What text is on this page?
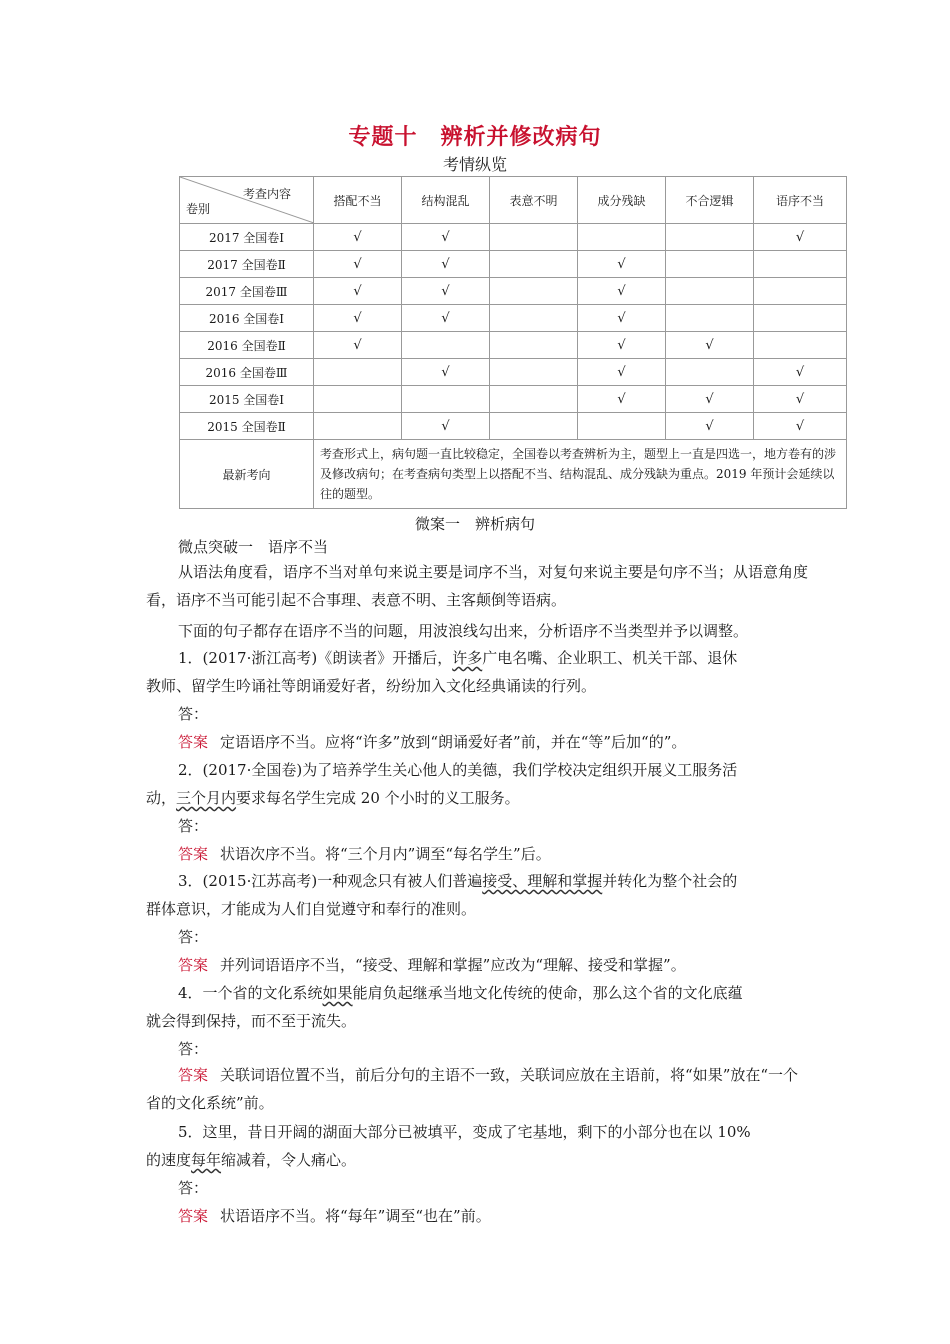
专题十　辨析并修改病句
考情纵览
考查内容
卷别	搭配不当	结构混乱	表意不明	成分残缺	不合逻辑	语序不当
2017 全国卷Ⅰ	√	√				√
2017 全国卷Ⅱ	√	√		√		
2017 全国卷Ⅲ	√	√		√		
2016 全国卷Ⅰ	√	√		√		
2016 全国卷Ⅱ	√			√	√	
2016 全国卷Ⅲ		√		√		√
2015 全国卷Ⅰ				√	√	√
2015 全国卷Ⅱ		√			√	√
最新考向	考查形式上，病句题一直比较稳定，全国卷以考查辨析为主，题型上一直是四选一，地方卷有的涉及修改病句；在考查病句类型上以搭配不当、结构混乱、成分残缺为重点。2019 年预计会延续以往的题型。					
微案一　辨析病句
微点突破一　语序不当
从语法角度看，语序不当对单句来说主要是词序不当，对复句来说主要是句序不当；从语意角度看，语序不当可能引起不合事理、表意不明、主客颠倒等语病。
下面的句子都存在语序不当的问题，用波浪线勾出来，分析语序不当类型并予以调整。
1．(2017·浙江高考)《朗读者》开播后，许多广电名嘴、企业职工、机关干部、退休
教师、留学生吟诵社等朗诵爱好者，纷纷加入文化经典诵读的行列。
答：
答案 定语语序不当。应将“许多”放到“朗诵爱好者”前，并在“等”后加“的”。
2．(2017·全国卷)为了培养学生关心他人的美德，我们学校决定组织开展义工服务活
动，三个月内要求每名学生完成 20 个小时的义工服务。
答：
答案 状语次序不当。将“三个月内”调至“每名学生”后。
3．(2015·江苏高考)一种观念只有被人们普遍接受、理解和掌握并转化为整个社会的
群体意识，才能成为人们自觉遵守和奉行的准则。
答：
答案 并列词语语序不当，“接受、理解和掌握”应改为“理解、接受和掌握”。
4．一个省的文化系统如果能肩负起继承当地文化传统的使命，那么这个省的文化底蕴
就会得到保持，而不至于流失。
答：
答案 关联词语位置不当，前后分句的主语不一致，关联词应放在主语前，将“如果”放在“一个省的文化系统”前。
5．这里，昔日开阔的湖面大部分已被填平，变成了宅基地，剩下的小部分也在以 10%
的速度每年缩减着，令人痛心。
答：
答案 状语语序不当。将“每年”调至“也在”前。
